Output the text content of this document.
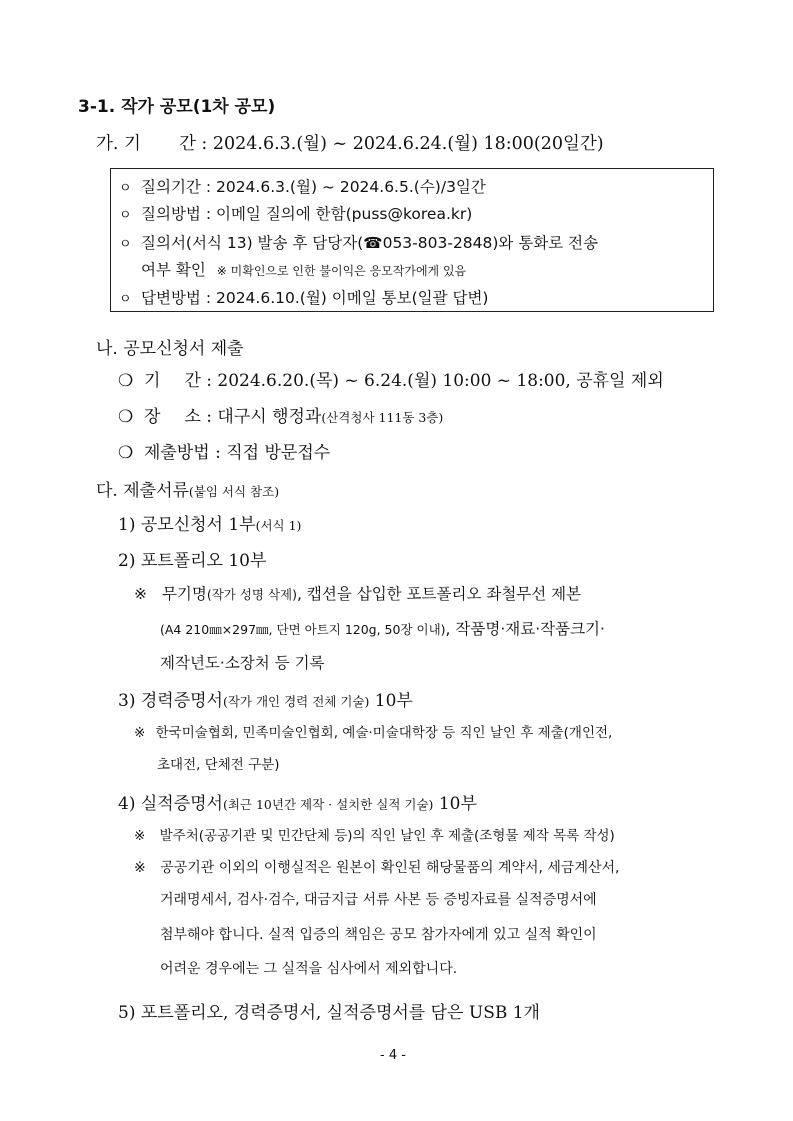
3-1. 작가 공모(1차 공모)
가. 기 간 : 2024.6.3.(월) ~ 2024.6.24.(월) 18:00(20일간)
ㅇ 질의기간 : 2024.6.3.(월) ~ 2024.6.5.(수)/3일간
ㅇ 질의방법 : 이메일 질의에 한함(puss@korea.kr)
ㅇ 질의서(서식 13) 발송 후 담당자(☎053-803-2848)와 통화로 전송
여부 확인 ※ 미확인으로 인한 불이익은 응모작가에게 있음
ㅇ 답변방법 : 2024.6.10.(월) 이메일 통보(일괄 답변)
나. 공모신청서 제출
❍ 기 간 : 2024.6.20.(목) ~ 6.24.(월) 10:00 ~ 18:00, 공휴일 제외
❍ 장 소 : 대구시 행정과(산격청사 111동 3층)
❍ 제출방법 : 직접 방문접수
다. 제출서류(붙임 서식 참조)
1) 공모신청서 1부(서식 1)
2) 포트폴리오 10부
※ 무기명(작가 성명 삭제), 캡션을 삽입한 포트폴리오 좌철무선 제본
(A4 210㎜×297㎜, 단면 아트지 120g, 50장 이내), 작품명·재료·작품크기·
제작년도·소장처 등 기록
3) 경력증명서(작가 개인 경력 전체 기술) 10부
※ 한국미술협회, 민족미술인협회, 예술·미술대학장 등 직인 날인 후 제출(개인전,
초대전, 단체전 구분)
4) 실적증명서(최근 10년간 제작 · 설치한 실적 기술) 10부
※ 발주처(공공기관 및 민간단체 등)의 직인 날인 후 제출(조형물 제작 목록 작성)
※ 공공기관 이외의 이행실적은 원본이 확인된 해당물품의 계약서, 세금계산서,
거래명세서, 검사·검수, 대금지급 서류 사본 등 증빙자료를 실적증명서에
첨부해야 합니다. 실적 입증의 책임은 공모 참가자에게 있고 실적 확인이
어려운 경우에는 그 실적을 심사에서 제외합니다.
5) 포트폴리오, 경력증명서, 실적증명서를 담은 USB 1개
- 4 -
